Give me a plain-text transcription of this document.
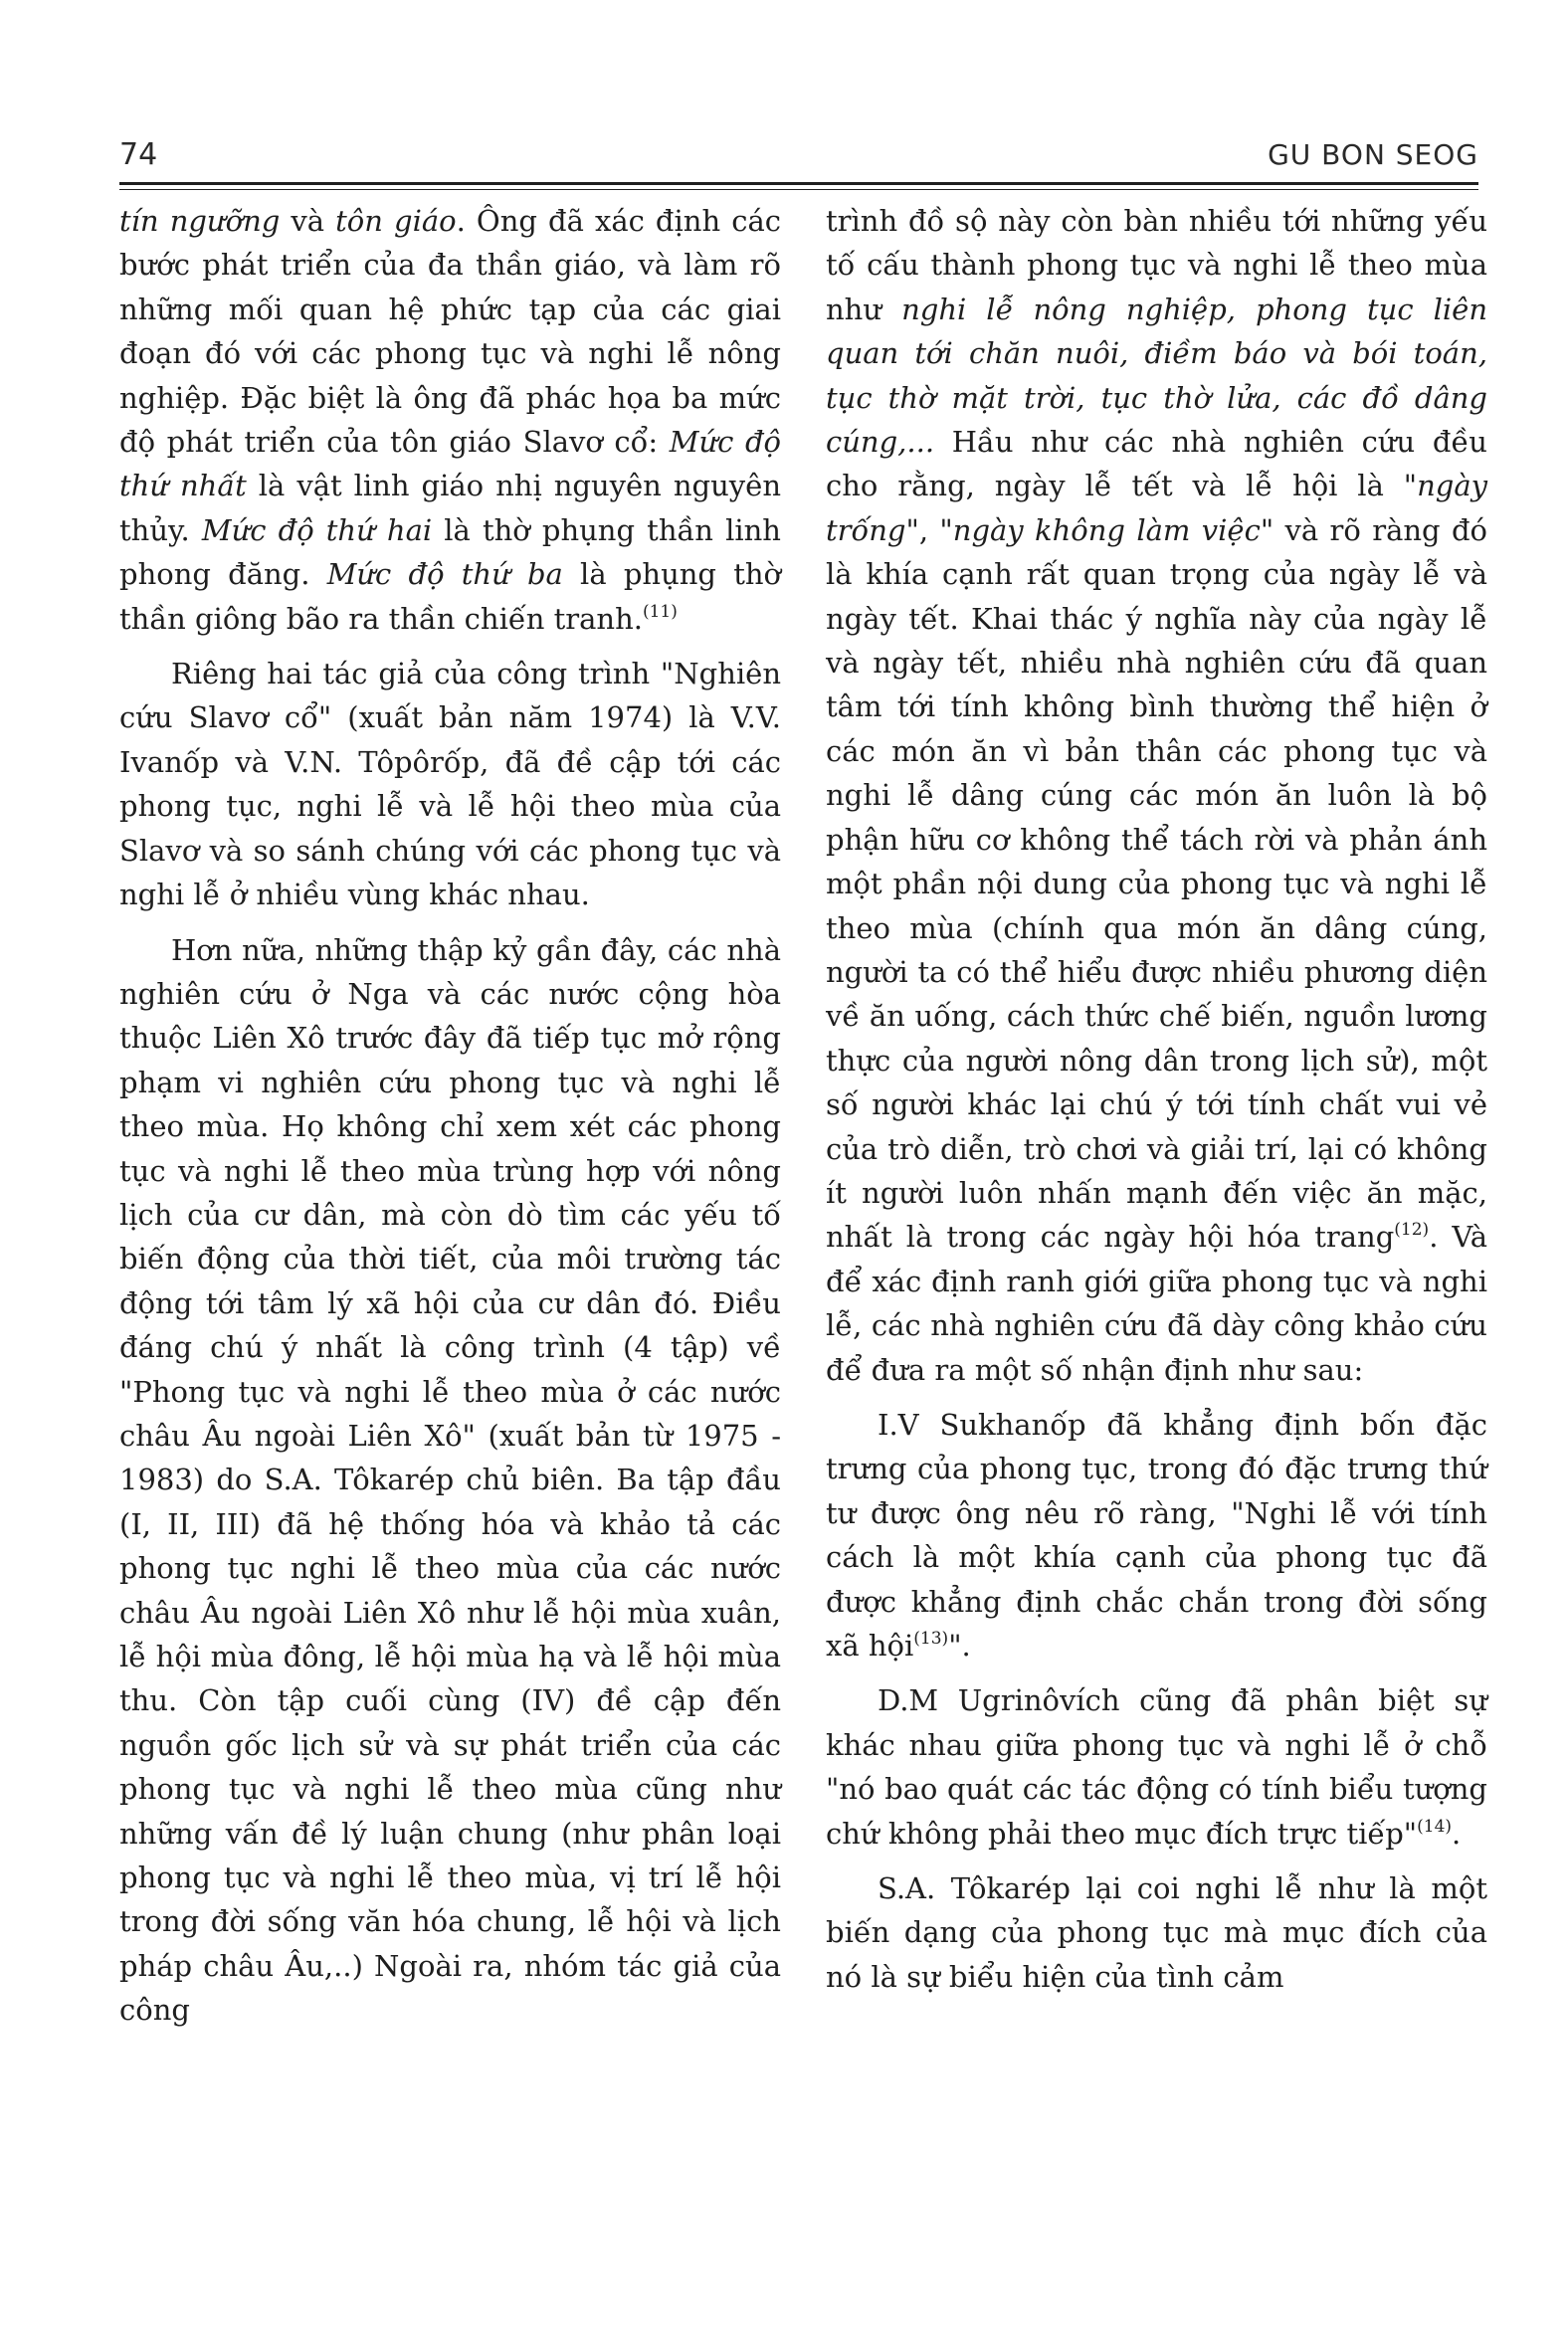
74	GU BON SEOG

tín ngưỡng và tôn giáo. Ông đã xác định các bước phát triển của đa thần giáo, và làm rõ những mối quan hệ phức tạp của các giai đoạn đó với các phong tục và nghi lễ nông nghiệp. Đặc biệt là ông đã phác họa ba mức độ phát triển của tôn giáo Slavơ cổ: Mức độ thứ nhất là vật linh giáo nhị nguyên nguyên thủy. Mức độ thứ hai là thờ phụng thần linh phong đăng. Mức độ thứ ba là phụng thờ thần giông bão ra thần chiến tranh.$^{(11)}$

Riêng hai tác giả của công trình "Nghiên cứu Slavơ cổ" (xuất bản năm 1974) là V.V. Ivanốp và V.N. Tôpôrốp, đã đề cập tới các phong tục, nghi lễ và lễ hội theo mùa của Slavơ và so sánh chúng với các phong tục và nghi lễ ở nhiều vùng khác nhau.

Hơn nữa, những thập kỷ gần đây, các nhà nghiên cứu ở Nga và các nước cộng hòa thuộc Liên Xô trước đây đã tiếp tục mở rộng phạm vi nghiên cứu phong tục và nghi lễ theo mùa. Họ không chỉ xem xét các phong tục và nghi lễ theo mùa trùng hợp với nông lịch của cư dân, mà còn dò tìm các yếu tố biến động của thời tiết, của môi trường tác động tới tâm lý xã hội của cư dân đó. Điều đáng chú ý nhất là công trình (4 tập) về "Phong tục và nghi lễ theo mùa ở các nước châu Âu ngoài Liên Xô" (xuất bản từ 1975 - 1983) do S.A. Tôkarép chủ biên. Ba tập đầu (I, II, III) đã hệ thống hóa và khảo tả các phong tục nghi lễ theo mùa của các nước châu Âu ngoài Liên Xô như lễ hội mùa xuân, lễ hội mùa đông, lễ hội mùa hạ và lễ hội mùa thu. Còn tập cuối cùng (IV) đề cập đến nguồn gốc lịch sử và sự phát triển của các phong tục và nghi lễ theo mùa cũng như những vấn đề lý luận chung (như phân loại phong tục và nghi lễ theo mùa, vị trí lễ hội trong đời sống văn hóa chung, lễ hội và lịch pháp châu Âu,..) Ngoài ra, nhóm tác giả của công

trình đồ sộ này còn bàn nhiều tới những yếu tố cấu thành phong tục và nghi lễ theo mùa như nghi lễ nông nghiệp, phong tục liên quan tới chăn nuôi, điềm báo và bói toán, tục thờ mặt trời, tục thờ lửa, các đồ dâng cúng,... Hầu như các nhà nghiên cứu đều cho rằng, ngày lễ tết và lễ hội là "ngày trống", "ngày không làm việc" và rõ ràng đó là khía cạnh rất quan trọng của ngày lễ và ngày tết. Khai thác ý nghĩa này của ngày lễ và ngày tết, nhiều nhà nghiên cứu đã quan tâm tới tính không bình thường thể hiện ở các món ăn vì bản thân các phong tục và nghi lễ dâng cúng các món ăn luôn là bộ phận hữu cơ không thể tách rời và phản ánh một phần nội dung của phong tục và nghi lễ theo mùa (chính qua món ăn dâng cúng, người ta có thể hiểu được nhiều phương diện về ăn uống, cách thức chế biến, nguồn lương thực của người nông dân trong lịch sử), một số người khác lại chú ý tới tính chất vui vẻ của trò diễn, trò chơi và giải trí, lại có không ít người luôn nhấn mạnh đến việc ăn mặc, nhất là trong các ngày hội hóa trang$^{(12)}$. Và để xác định ranh giới giữa phong tục và nghi lễ, các nhà nghiên cứu đã dày công khảo cứu để đưa ra một số nhận định như sau:

I.V Sukhanốp đã khẳng định bốn đặc trưng của phong tục, trong đó đặc trưng thứ tư được ông nêu rõ ràng, "Nghi lễ với tính cách là một khía cạnh của phong tục đã được khẳng định chắc chắn trong đời sống xã hội$^{(13)}$".

D.M Ugrinôvích cũng đã phân biệt sự khác nhau giữa phong tục và nghi lễ ở chỗ "nó bao quát các tác động có tính biểu tượng chứ không phải theo mục đích trực tiếp"$^{(14)}$.

S.A. Tôkarép lại coi nghi lễ như là một biến dạng của phong tục mà mục đích của nó là sự biểu hiện của tình cảm
